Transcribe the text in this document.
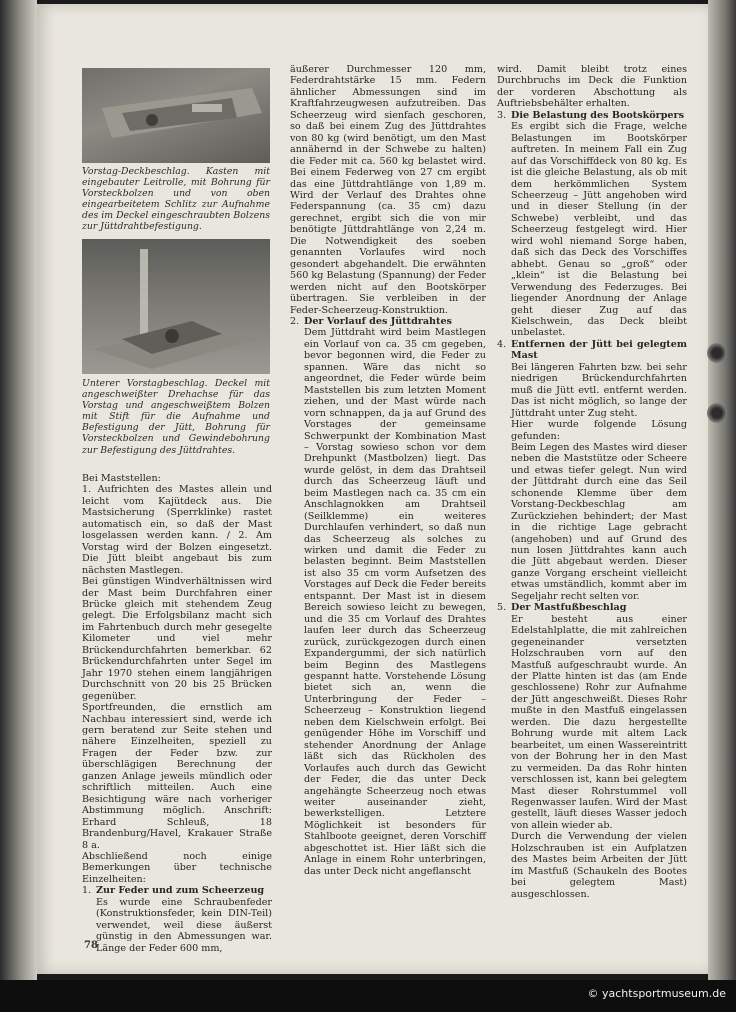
Vorstag-Deckbeschlag. Kasten mit eingebauter Leitrolle, mit Bohrung für Vorsteckbolzen und von oben eingearbeitetem Schlitz zur Aufnahme des im Deckel eingeschraubten Bolzens zur Jüttdrahtbefestigung.
Unterer Vorstagbeschlag. Deckel mit angeschweißter Drehachse für das Vorstag und angeschweißtem Bolzen mit Stift für die Aufnahme und Befestigung der Jütt, Bohrung für Vorsteckbolzen und Gewindebohrung zur Befestigung des Jüttdrahtes.

Bei Maststellen:

1. Aufrichten des Mastes allein und leicht vom Kajütdeck aus. Die Mastsicherung (Sperrklinke) rastet automatisch ein, so daß der Mast losgelassen werden kann. / 2. Am Vorstag wird der Bolzen eingesetzt. Die Jütt bleibt angebaut bis zum nächsten Mastlegen.

Bei günstigen Windverhältnissen wird der Mast beim Durchfahren einer Brücke gleich mit stehendem Zeug gelegt. Die Erfolgsbilanz macht sich im Fahrtenbuch durch mehr gesegelte Kilometer und viel mehr Brückendurchfahrten bemerkbar. 62 Brückendurchfahrten unter Segel im Jahr 1970 stehen einem langjährigen Durchschnitt von 20 bis 25 Brücken gegenüber.

Sportfreunden, die ernstlich am Nachbau interessiert sind, werde ich gern beratend zur Seite stehen und nähere Einzelheiten, speziell zu Fragen der Feder bzw. zur überschlägigen Berechnung der ganzen Anlage jeweils mündlich oder schriftlich mitteilen. Auch eine Besichtigung wäre nach vorheriger Abstimmung möglich. Anschrift: Erhard Schleuß, 18 Brandenburg/Havel, Krakauer Straße 8 a.

Abschließend noch einige Bemerkungen über technische Einzelheiten:

1. Zur Feder und zum Scheerzeug

Es wurde eine Schraubenfeder (Konstruktionsfeder, kein DIN-Teil) verwendet, weil diese äußerst günstig in den Abmessungen war. Länge der Feder 600 mm,

äußerer Durchmesser 120 mm, Federdrahtstärke 15 mm. Federn ähnlicher Abmessungen sind im Kraftfahrzeugwesen aufzutreiben. Das Scheerzeug wird sienfach geschoren, so daß bei einem Zug des Jüttdrahtes von 80 kg (wird benötigt, um den Mast annähernd in der Schwebe zu halten) die Feder mit ca. 560 kg belastet wird. Bei einem Federweg von 27 cm ergibt das eine Jüttdrahtlänge von 1,89 m. Wird der Verlauf des Drahtes ohne Federspannung (ca. 35 cm) dazu gerechnet, ergibt sich die von mir benötigte Jüttdrahtlänge von 2,24 m. Die Notwendigkeit des soeben genannten Vorlaufes wird noch gesondert abgehandelt. Die erwähnten 560 kg Belastung (Spannung) der Feder werden nicht auf den Bootskörper übertragen. Sie verbleiben in der Feder-Scheerzeug-Konstruktion.

2. Der Vorlauf des Jüttdrahtes

Dem Jüttdraht wird beim Mastlegen ein Vorlauf von ca. 35 cm gegeben, bevor begonnen wird, die Feder zu spannen. Wäre das nicht so angeordnet, die Feder würde beim Maststellen bis zum letzten Moment ziehen, und der Mast würde nach vorn schnappen, da ja auf Grund des Vorstages der gemeinsame Schwerpunkt der Kombination Mast – Vorstag sowieso schon vor dem Drehpunkt (Mastbolzen) liegt. Das wurde gelöst, in dem das Drahtseil durch das Scheerzeug läuft und beim Mastlegen nach ca. 35 cm ein Anschlagnokken am Drahtseil (Seilklemme) ein weiteres Durchlaufen verhindert, so daß nun das Scheerzeug als solches zu wirken und damit die Feder zu belasten beginnt. Beim Maststellen ist also 35 cm vorm Aufsetzen des Vorstages auf Deck die Feder bereits entspannt. Der Mast ist in diesem Bereich sowieso leicht zu bewegen, und die 35 cm Vorlauf des Drahtes laufen leer durch das Scheerzeug zurück, zurückgezogen durch einen Expandergummi, der sich natürlich beim Beginn des Mastlegens gespannt hatte. Vorstehende Lösung bietet sich an, wenn die Unterbringung der Feder – Scheerzeug – Konstruktion liegend neben dem Kielschwein erfolgt. Bei genügender Höhe im Vorschiff und stehender Anordnung der Anlage läßt sich das Rückholen des Vorlaufes auch durch das Gewicht der Feder, die das unter Deck angehängte Scheerzeug noch etwas weiter auseinander zieht, bewerkstelligen. Letztere Möglichkeit ist besonders für Stahlboote geeignet, deren Vorschiff abgeschottet ist. Hier läßt sich die Anlage in einem Rohr unterbringen, das unter Deck nicht angeflanscht

wird. Damit bleibt trotz eines Durchbruchs im Deck die Funktion der vorderen Abschottung als Auftriebsbehälter erhalten.

3. Die Belastung des Bootskörpers

Es ergibt sich die Frage, welche Belastungen im Bootskörper auftreten. In meinem Fall ein Zug auf das Vorschiffdeck von 80 kg. Es ist die gleiche Belastung, als ob mit dem herkömmlichen System Scheerzeug – Jütt angehoben wird und in dieser Stellung (in der Schwebe) verbleibt, und das Scheerzeug festgelegt wird. Hier wird wohl niemand Sorge haben, daß sich das Deck des Vorschiffes abhebt. Genau so „groß“ oder „klein“ ist die Belastung bei Verwendung des Federzuges. Bei liegender Anordnung der Anlage geht dieser Zug auf das Kielschwein, das Deck bleibt unbelastet.

4. Entfernen der Jütt bei gelegtem Mast

Bei längeren Fahrten bzw. bei sehr niedrigen Brückendurchfahrten muß die Jütt evtl. entfernt werden. Das ist nicht möglich, so lange der Jüttdraht unter Zug steht.

Hier wurde folgende Lösung gefunden:

Beim Legen des Mastes wird dieser neben die Maststütze oder Scheere und etwas tiefer gelegt. Nun wird der Jüttdraht durch eine das Seil schonende Klemme über dem Vorstang-Deckbeschlag am Zurückziehen behindert; der Mast in die richtige Lage gebracht (angehoben) und auf Grund des nun losen Jüttdrahtes kann auch die Jütt abgebaut werden. Dieser ganze Vorgang erscheint vielleicht etwas umständlich, kommt aber im Segeljahr recht selten vor.

5. Der Mastfußbeschlag

Er besteht aus einer Edelstahlplatte, die mit zahlreichen gegeneinander versetzten Holzschrauben vorn auf den Mastfuß aufgeschraubt wurde. An der Platte hinten ist das (am Ende geschlossene) Rohr zur Aufnahme der Jütt angeschweißt. Dieses Rohr mußte in den Mastfuß eingelassen werden. Die dazu hergestellte Bohrung wurde mit altem Lack bearbeitet, um einen Wassereintritt von der Bohrung her in den Mast zu vermeiden. Da das Rohr hinten verschlossen ist, kann bei gelegtem Mast dieser Rohrstummel voll Regenwasser laufen. Wird der Mast gestellt, läuft dieses Wasser jedoch von allein wieder ab.

Durch die Verwendung der vielen Holzschrauben ist ein Aufplatzen des Mastes beim Arbeiten der Jütt im Mastfuß (Schaukeln des Bootes bei gelegtem Mast) ausgeschlossen.

78
© yachtsportmuseum.de
